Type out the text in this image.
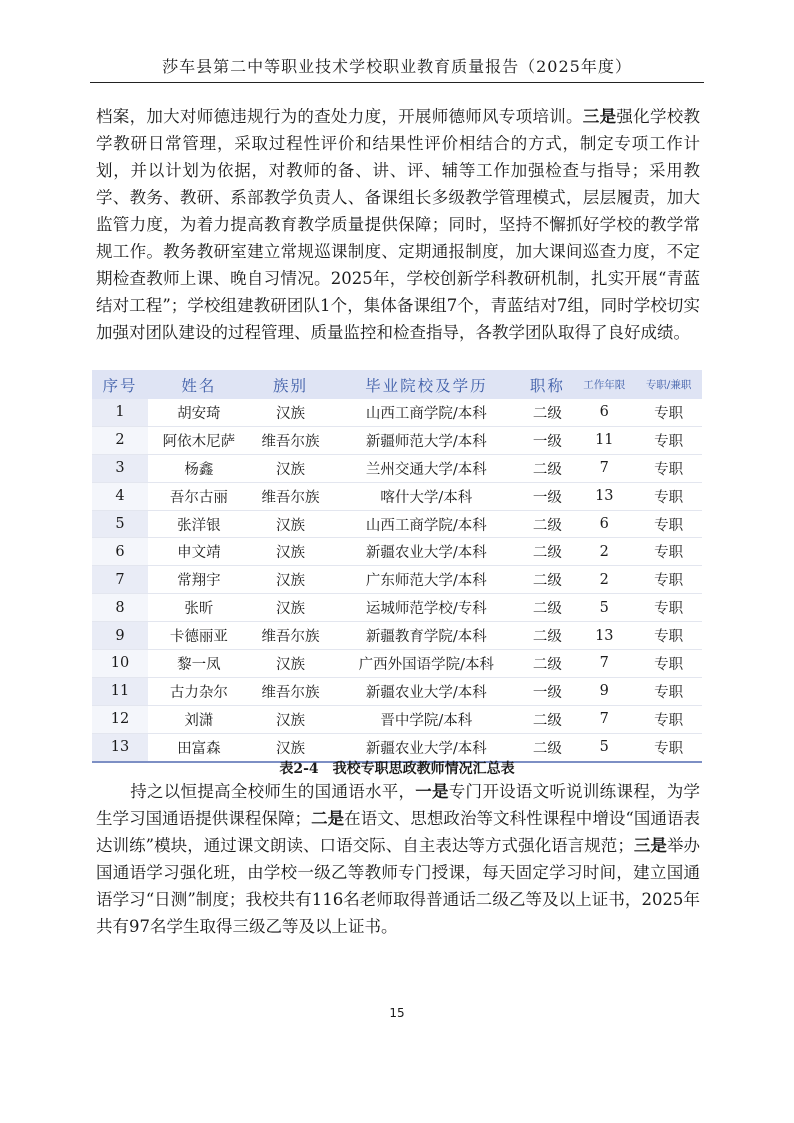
莎车县第二中等职业技术学校职业教育质量报告（2025年度）

档案，加大对师德违规行为的查处力度，开展师德师风专项培训。三是强化学校教学教研日常管理，采取过程性评价和结果性评价相结合的方式，制定专项工作计划，并以计划为依据，对教师的备、讲、评、辅等工作加强检查与指导；采用教学、教务、教研、系部教学负责人、备课组长多级教学管理模式，层层履责，加大监管力度，为着力提高教育教学质量提供保障；同时，坚持不懈抓好学校的教学常规工作。教务教研室建立常规巡课制度、定期通报制度，加大课间巡查力度，不定期检查教师上课、晚自习情况。2025年，学校创新学科教研机制，扎实开展“青蓝结对工程”；学校组建教研团队1个，集体备课组7个，青蓝结对7组，同时学校切实加强对团队建设的过程管理、质量监控和检查指导，各教学团队取得了良好成绩。

序号	姓名	族别	毕业院校及学历	职称	工作年限	专职/兼职
1	胡安琦	汉族	山西工商学院/本科	二级	6	专职
2	阿依木尼萨	维吾尔族	新疆师范大学/本科	一级	11	专职
3	杨鑫	汉族	兰州交通大学/本科	二级	7	专职
4	吾尔古丽	维吾尔族	喀什大学/本科	一级	13	专职
5	张洋银	汉族	山西工商学院/本科	二级	6	专职
6	申文靖	汉族	新疆农业大学/本科	二级	2	专职
7	常翔宇	汉族	广东师范大学/本科	二级	2	专职
8	张昕	汉族	运城师范学校/专科	二级	5	专职
9	卡德丽亚	维吾尔族	新疆教育学院/本科	二级	13	专职
10	黎一凤	汉族	广西外国语学院/本科	二级	7	专职
11	古力杂尔	维吾尔族	新疆农业大学/本科	一级	9	专职
12	刘潇	汉族	晋中学院/本科	二级	7	专职
13	田富森	汉族	新疆农业大学/本科	二级	5	专职
表2-4　我校专职思政教师情况汇总表

持之以恒提高全校师生的国通语水平，一是专门开设语文听说训练课程，为学生学习国通语提供课程保障；二是在语文、思想政治等文科性课程中增设“国通语表达训练”模块，通过课文朗读、口语交际、自主表达等方式强化语言规范；三是举办国通语学习强化班，由学校一级乙等教师专门授课，每天固定学习时间，建立国通语学习“日测”制度；我校共有116名老师取得普通话二级乙等及以上证书，2025年共有97名学生取得三级乙等及以上证书。

15
